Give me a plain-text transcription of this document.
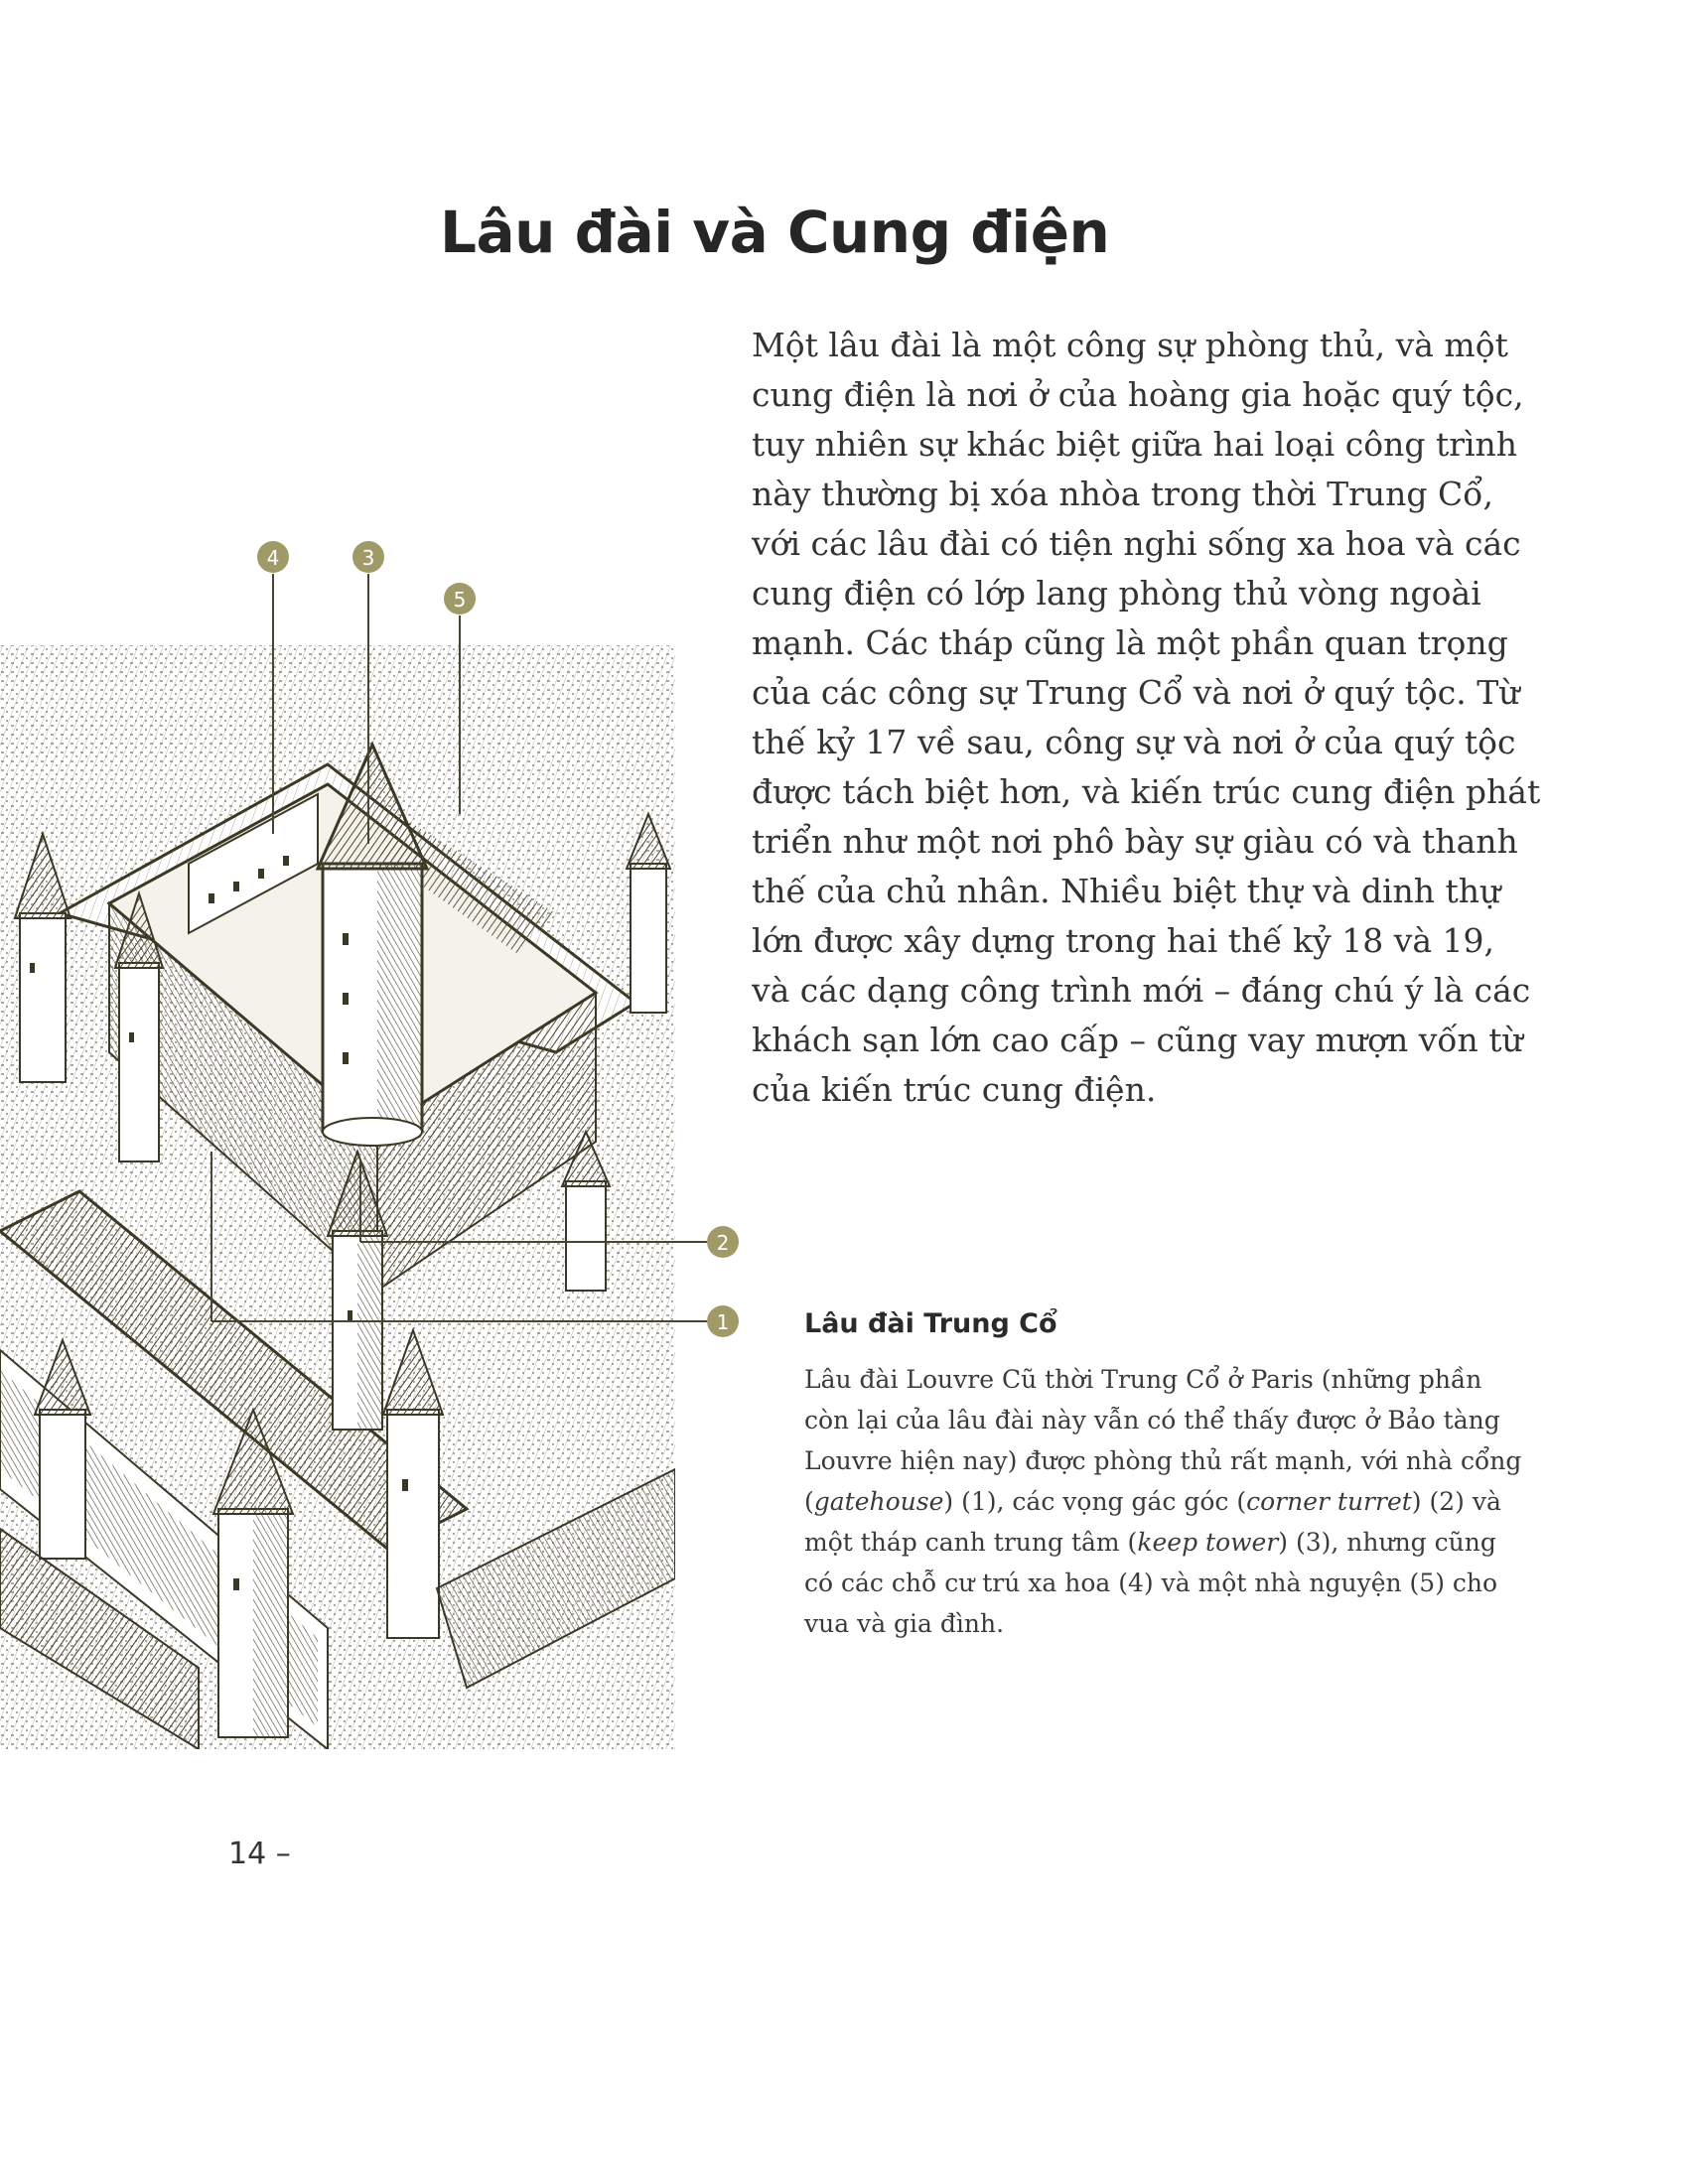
Lâu đài và Cung điện
Một lâu đài là một công sự phòng thủ, và một
cung điện là nơi ở của hoàng gia hoặc quý tộc,
tuy nhiên sự khác biệt giữa hai loại công trình
này thường bị xóa nhòa trong thời Trung Cổ,
với các lâu đài có tiện nghi sống xa hoa và các
cung điện có lớp lang phòng thủ vòng ngoài
mạnh. Các tháp cũng là một phần quan trọng
của các công sự Trung Cổ và nơi ở quý tộc. Từ
thế kỷ 17 về sau, công sự và nơi ở của quý tộc
được tách biệt hơn, và kiến trúc cung điện phát
triển như một nơi phô bày sự giàu có và thanh
thế của chủ nhân. Nhiều biệt thự và dinh thự
lớn được xây dựng trong hai thế kỷ 18 và 19,
và các dạng công trình mới – đáng chú ý là các
khách sạn lớn cao cấp – cũng vay mượn vốn từ
của kiến trúc cung điện.
1
2
3
4
5
Lâu đài Trung Cổ
Lâu đài Louvre Cũ thời Trung Cổ ở Paris (những phần
còn lại của lâu đài này vẫn có thể thấy được ở Bảo tàng
Louvre hiện nay) được phòng thủ rất mạnh, với nhà cổng
(gatehouse) (1), các vọng gác góc (corner turret) (2) và
một tháp canh trung tâm (keep tower) (3), nhưng cũng
có các chỗ cư trú xa hoa (4) và một nhà nguyện (5) cho
vua và gia đình.
14 –
